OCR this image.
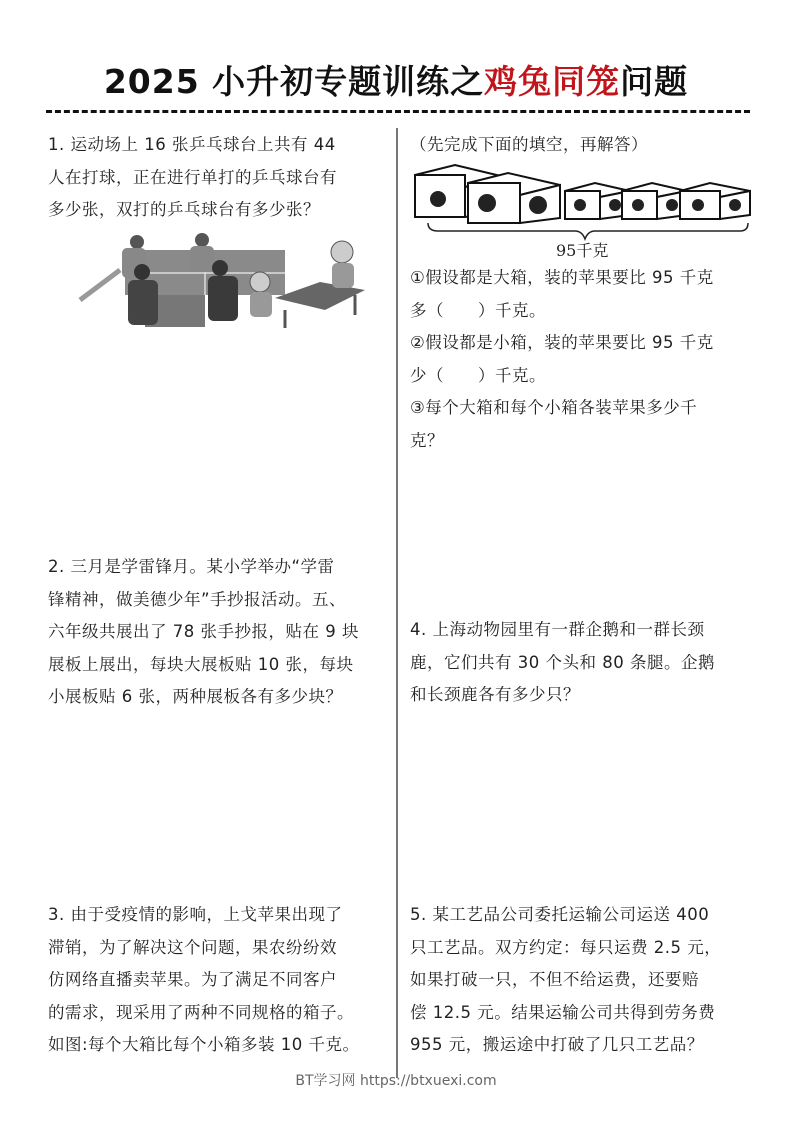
2025 小升初专题训练之鸡兔同笼问题

1. 运动场上 16 张乒乓球台上共有 44

人在打球，正在进行单打的乒乓球台有

多少张，双打的乒乓球台有多少张？

（先完成下面的填空，再解答）

95千克

①假设都是大箱，装的苹果要比 95 千克

多（　　）千克。

②假设都是小箱，装的苹果要比 95 千克

少（　　）千克。

③每个大箱和每个小箱各装苹果多少千

克？

2. 三月是学雷锋月。某小学举办“学雷

锋精神，做美德少年”手抄报活动。五、

六年级共展出了 78 张手抄报，贴在 9 块

展板上展出，每块大展板贴 10 张，每块

小展板贴 6 张，两种展板各有多少块？

4. 上海动物园里有一群企鹅和一群长颈

鹿，它们共有 30 个头和 80 条腿。企鹅

和长颈鹿各有多少只？

3. 由于受疫情的影响，上戈苹果出现了

滞销，为了解决这个问题，果农纷纷效

仿网络直播卖苹果。为了满足不同客户

的需求，现采用了两种不同规格的箱子。

如图:每个大箱比每个小箱多装 10 千克。

5. 某工艺品公司委托运输公司运送 400

只工艺品。双方约定：每只运费 2.5 元，

如果打破一只，不但不给运费，还要赔

偿 12.5 元。结果运输公司共得到劳务费

955 元，搬运途中打破了几只工艺品？

BT学习网 https://btxuexi.com
